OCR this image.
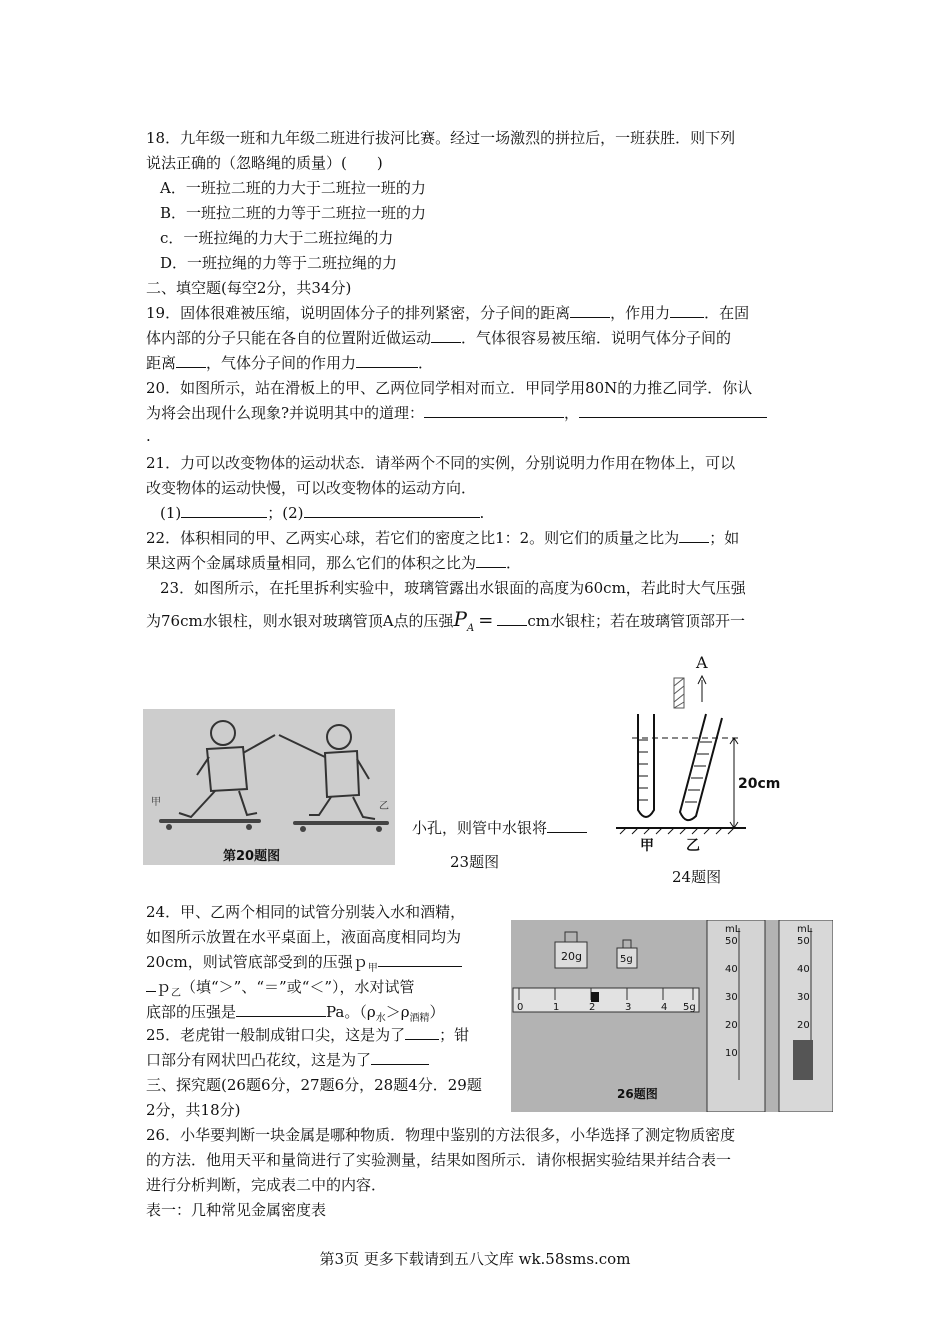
18．九年级一班和九年级二班进行拔河比赛。经过一场激烈的拼拉后，一班获胜．则下列
说法正确的（忽略绳的质量）(　　)
A．一班拉二班的力大于二班拉一班的力
B．一班拉二班的力等于二班拉一班的力
c．一班拉绳的力大于二班拉绳的力
D．一班拉绳的力等于二班拉绳的力
二、填空题(每空2分，共34分)
19．固体很难被压缩，说明固体分子的排列紧密，分子间的距离	，作用力 ．在固
体内部的分子只能在各自的位置附近做运动 ．气体很容易被压缩．说明气体分子间的
距离 ，气体分子间的作用力	．
20．如图所示，站在滑板上的甲、乙两位同学相对而立．甲同学用80N的力推乙同学．你认
为将会出现什么现象?并说明其中的道理：	，
.
21．力可以改变物体的运动状态．请举两个不同的实例，分别说明力作用在物体上，可以
改变物体的运动快慢，可以改变物体的运动方向．
(1)	；(2)	.
22．体积相同的甲、乙两实心球，若它们的密度之比1：2。则它们的质量之比为 ；如
果这两个金属球质量相同，那么它们的体积之比为 ．
23．如图所示，在托里拆利实验中，玻璃管露出水银面的高度为60cm，若此时大气压强
为76cm水银柱，则水银对玻璃管顶A点的压强$P_A$ = cm水银柱；若在玻璃管顶部开一
甲	乙
第20题图
小孔，则管中水银将
23题图
A
20cm
甲 乙
24题图
24．甲、乙两个相同的试管分别装入水和酒精，
如图所示放置在水平桌面上，液面高度相同均为
20cm，则试管底部受到的压强ｐ$_甲$
ｐ$_乙$（填“＞”、“＝”或“＜”），水对试管
底部的压强是	Pa。$(\rho_水>\rho_{酒精})$
25．老虎钳一般制成钳口尖，这是为了 ；钳
口部分有网状凹凸花纹，这是为了
三、探究题(26题6分，27题6分，28题4分．29题
2分，共18分)
20g	5g
0	1	2	3	4 5g
mL
50
40
30
20
10
mL
50
40
30
20
26题图
26．小华要判断一块金属是哪种物质．物理中鉴别的方法很多，小华选择了测定物质密度
的方法．他用天平和量筒进行了实验测量，结果如图所示．请你根据实验结果并结合表一
进行分析判断，完成表二中的内容．
表一：几种常见金属密度表
第3页 更多下载请到五八文库 wk.58sms.com
